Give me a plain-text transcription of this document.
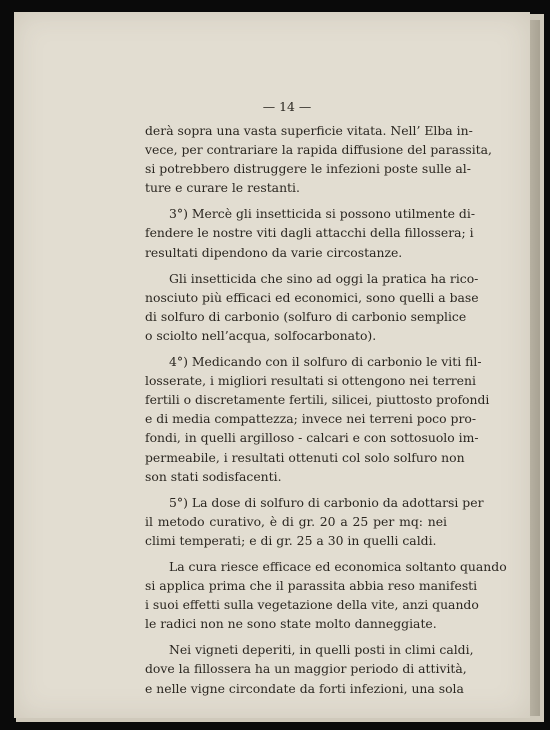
— 14 —
derà sopra una vasta superficie vitata. Nell’ Elba in-
vece, per contrariare la rapida diffusione del parassita,
si potrebbero distruggere le infezioni poste sulle al-
ture e curare le restanti.
3°) Mercè gli insetticida si possono utilmente di-
fendere le nostre viti dagli attacchi della fillossera; i
resultati dipendono da varie circostanze.
Gli insetticida che sino ad oggi la pratica ha rico-
nosciuto più efficaci ed economici, sono quelli a base
di solfuro di carbonio (solfuro di carbonio semplice
o sciolto nell’acqua, solfocarbonato).
4°) Medicando con il solfuro di carbonio le viti fil-
losserate, i migliori resultati si ottengono nei terreni
fertili o discretamente fertili, silicei, piuttosto profondi
e di media compattezza; invece nei terreni poco pro-
fondi, in quelli argilloso - calcari e con sottosuolo im-
permeabile, i resultati ottenuti col solo solfuro non
son stati sodisfacenti.
5°) La dose di solfuro di carbonio da adottarsi per
il metodo curativo, è di gr. 20 a 25 per mq: nei
climi temperati; e di gr. 25 a 30 in quelli caldi.
La cura riesce efficace ed economica soltanto quando
si applica prima che il parassita abbia reso manifesti
i suoi effetti sulla vegetazione della vite, anzi quando
le radici non ne sono state molto danneggiate.
Nei vigneti deperiti, in quelli posti in climi caldi,
dove la fillossera ha un maggior periodo di attività,
e nelle vigne circondate da forti infezioni, una sola
